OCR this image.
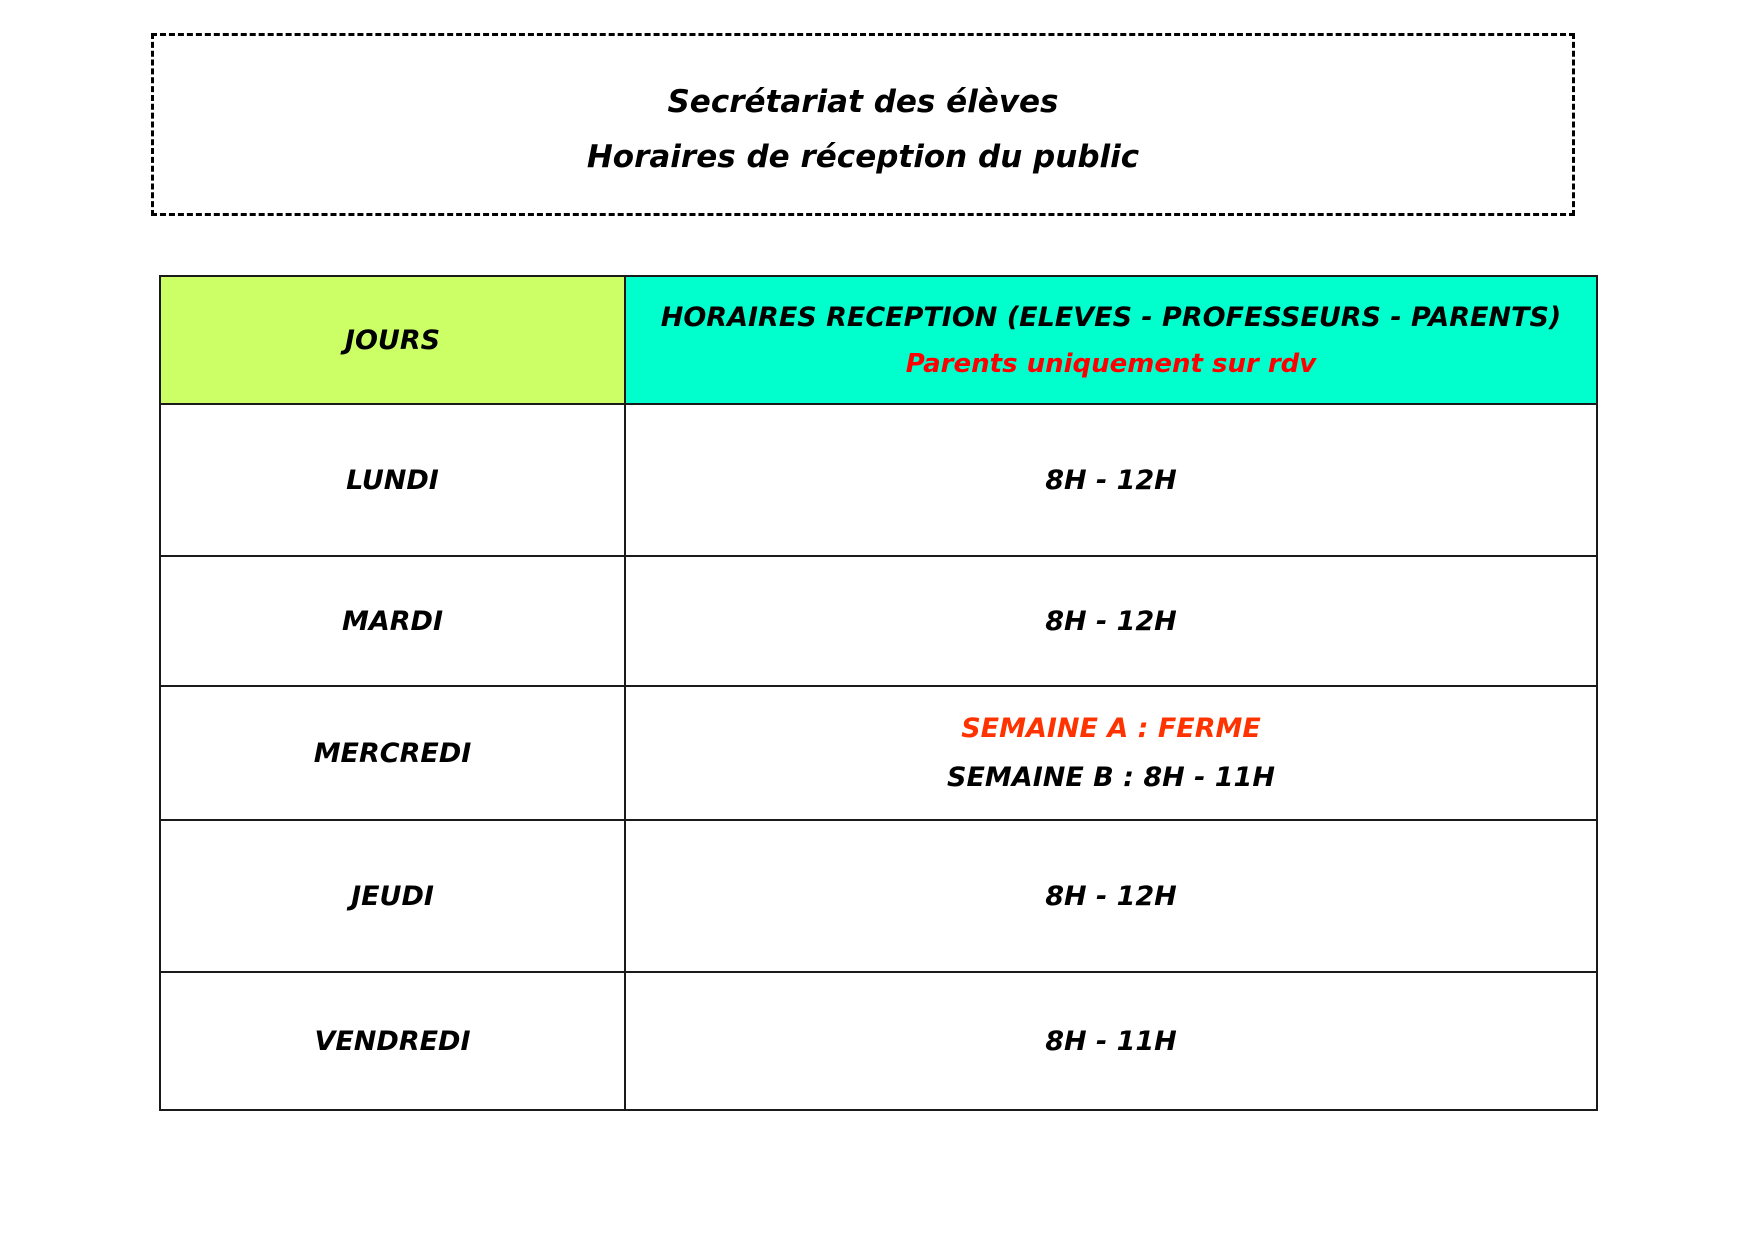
Secrétariat des élèves
Horaires de réception du public
JOURS	HORAIRES RECEPTION (ELEVES - PROFESSEURS - PARENTS)
Parents uniquement sur rdv

LUNDI	8H - 12H
MARDI	8H - 12H
MERCREDI	SEMAINE A : FERME
SEMAINE B : 8H - 11H

JEUDI	8H - 12H
VENDREDI	8H - 11H
